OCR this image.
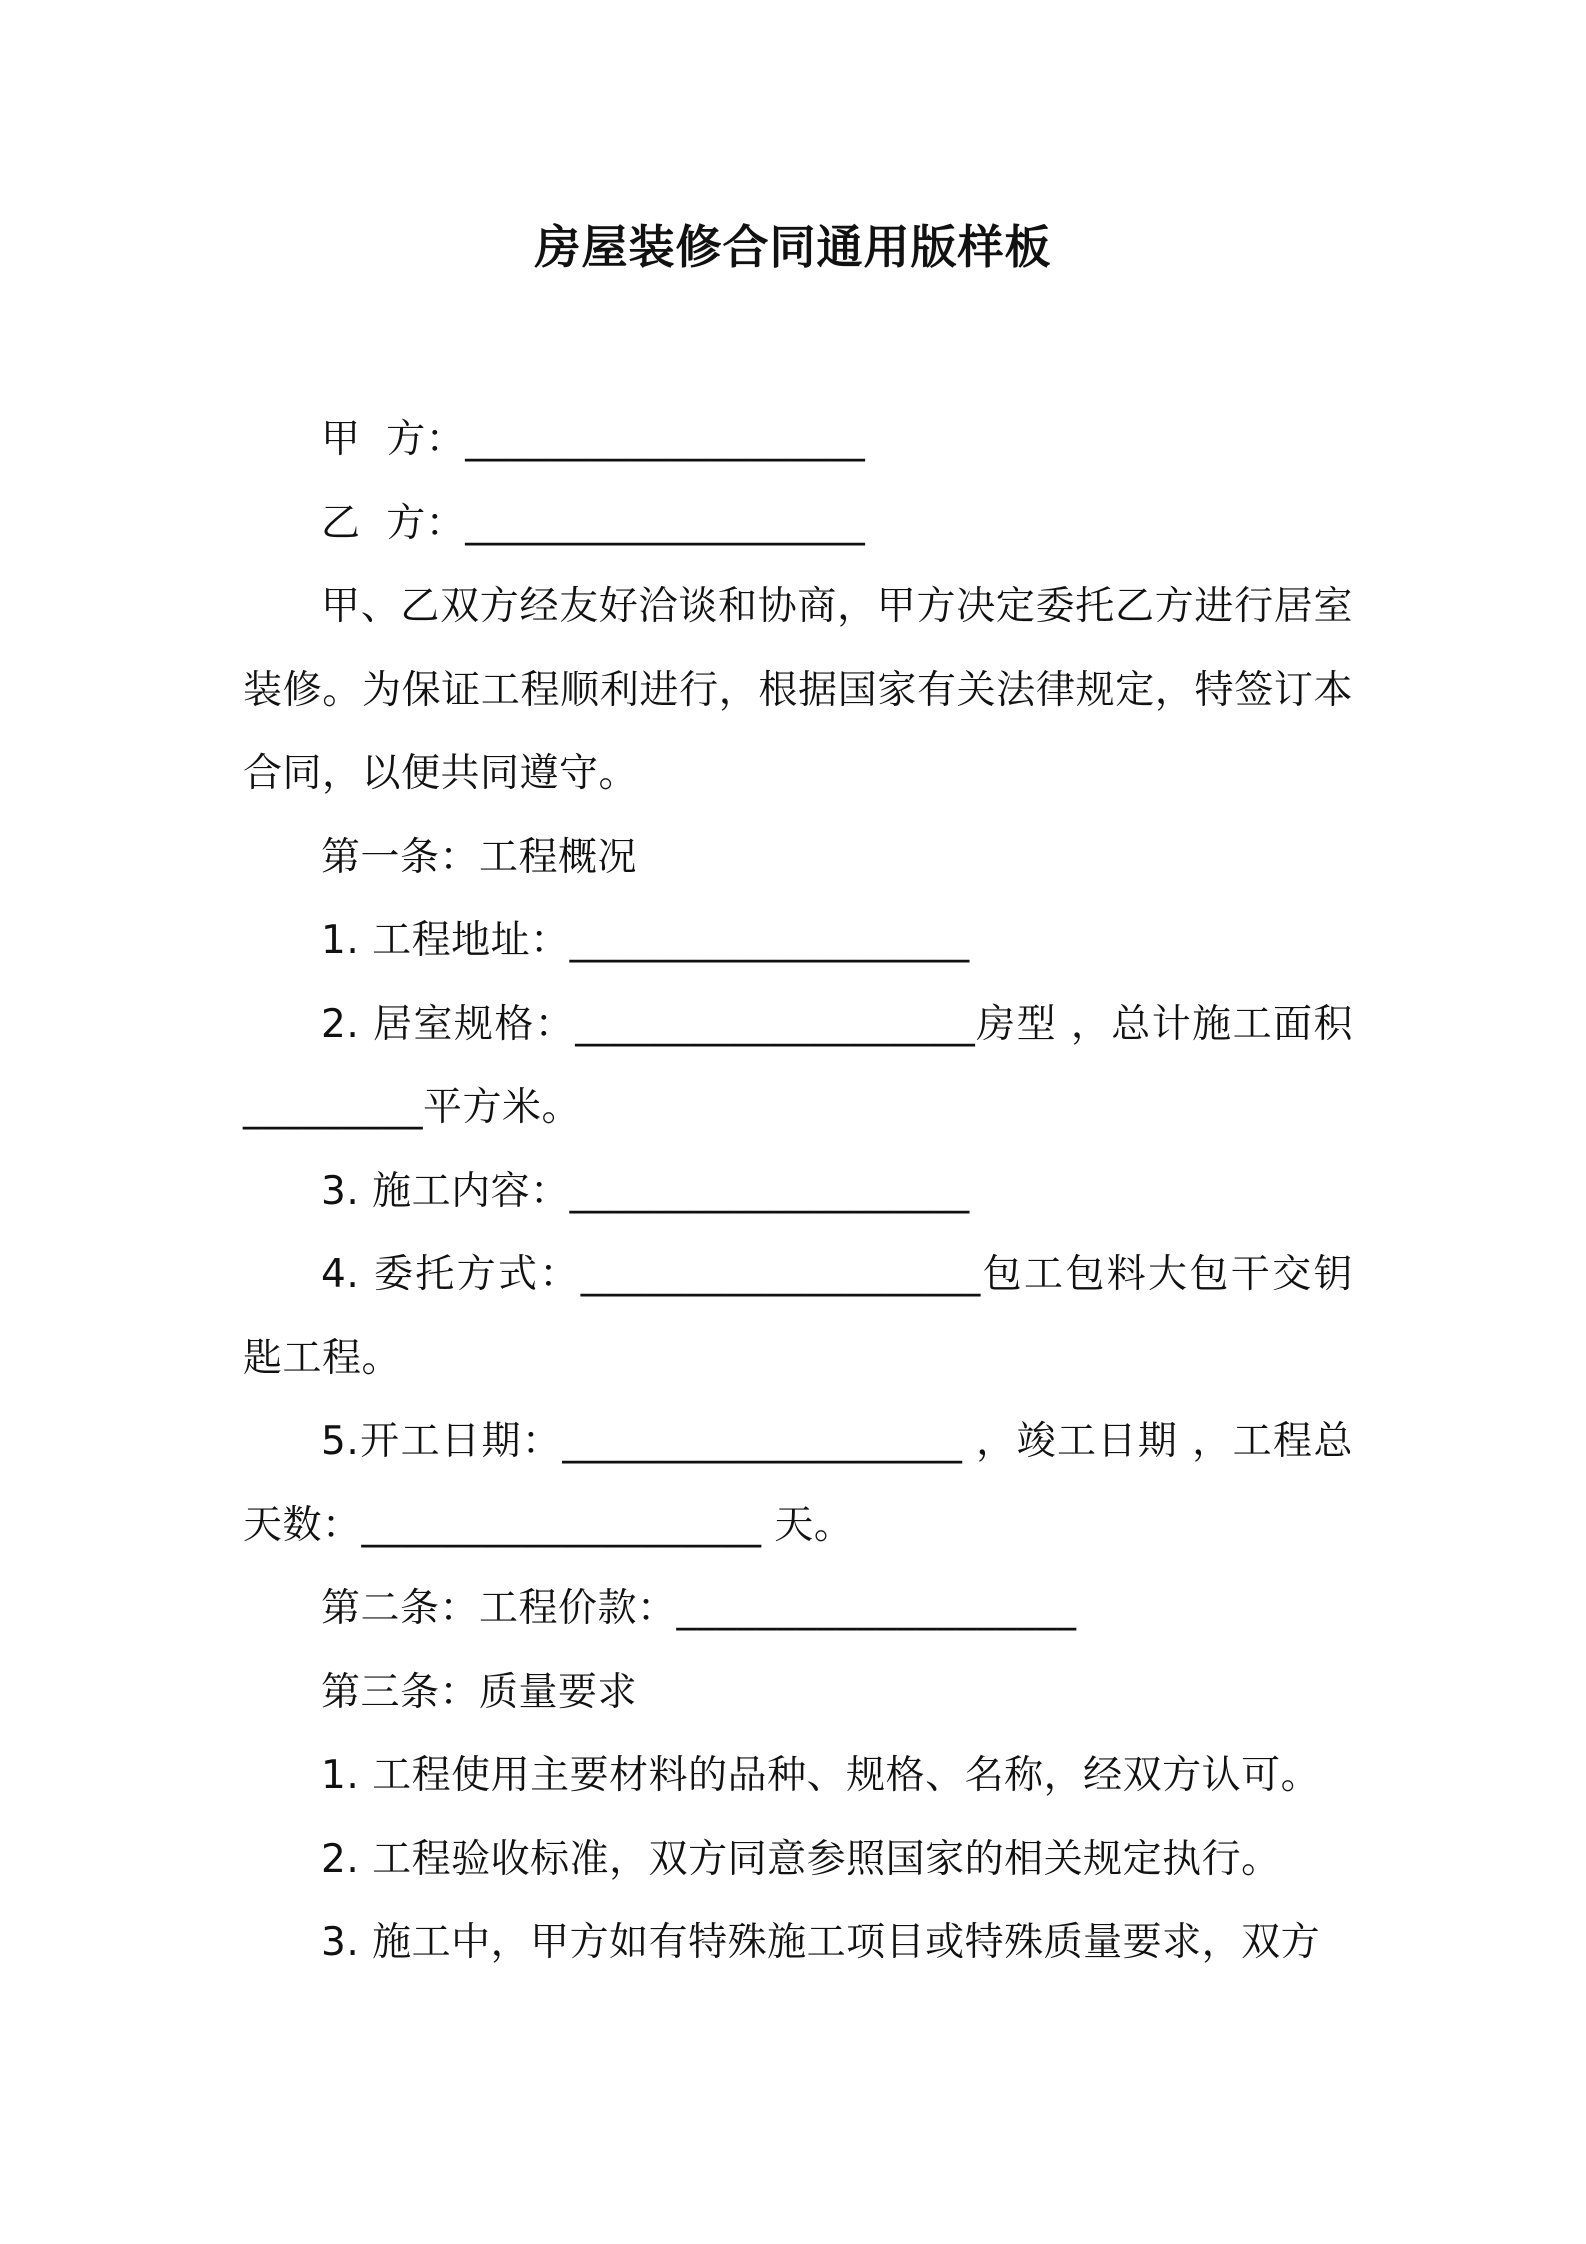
房屋装修合同通用版样板

甲  方：____________________

乙  方：____________________

甲、乙双方经友好洽谈和协商，甲方决定委托乙方进行居室装修。为保证工程顺利进行，根据国家有关法律规定，特签订本合同，以便共同遵守。

第一条：工程概况

1. 工程地址：____________________

2. 居室规格：____________________房型 ，总计施工面积_________平方米。

3. 施工内容：____________________

4. 委托方式：____________________包工包料大包干交钥匙工程。

5.开工日期：____________________ ，竣工日期 ，工程总天数：____________________ 天。

第二条：工程价款：____________________

第三条：质量要求

1. 工程使用主要材料的品种、规格、名称，经双方认可。

2. 工程验收标准，双方同意参照国家的相关规定执行。

3. 施工中，甲方如有特殊施工项目或特殊质量要求，双方
